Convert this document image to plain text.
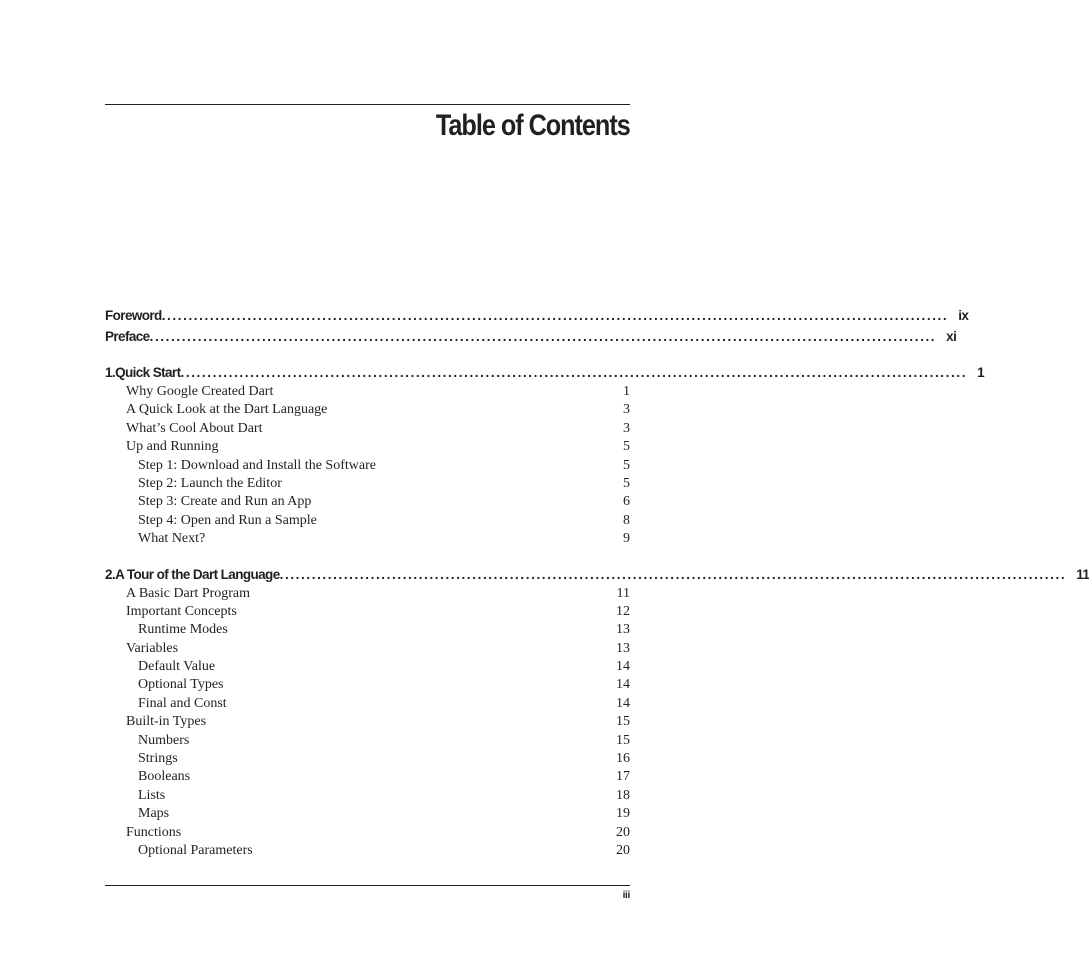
Table of Contents
Foreword ................................................................................................................................................... ix
Preface ................................................................................................................................................... xi
1. Quick Start ................................................................................................................................................... 1
Why Google Created Dart	1
A Quick Look at the Dart Language	3
What’s Cool About Dart	3
Up and Running	5
Step 1: Download and Install the Software	5
Step 2: Launch the Editor	5
Step 3: Create and Run an App	6
Step 4: Open and Run a Sample	8
What Next?	9
2. A Tour of the Dart Language ................................................................................................................................................... 11
A Basic Dart Program	11
Important Concepts	12
Runtime Modes	13
Variables	13
Default Value	14
Optional Types	14
Final and Const	14
Built-in Types	15
Numbers	15
Strings	16
Booleans	17
Lists	18
Maps	19
Functions	20
Optional Parameters	20
iii
